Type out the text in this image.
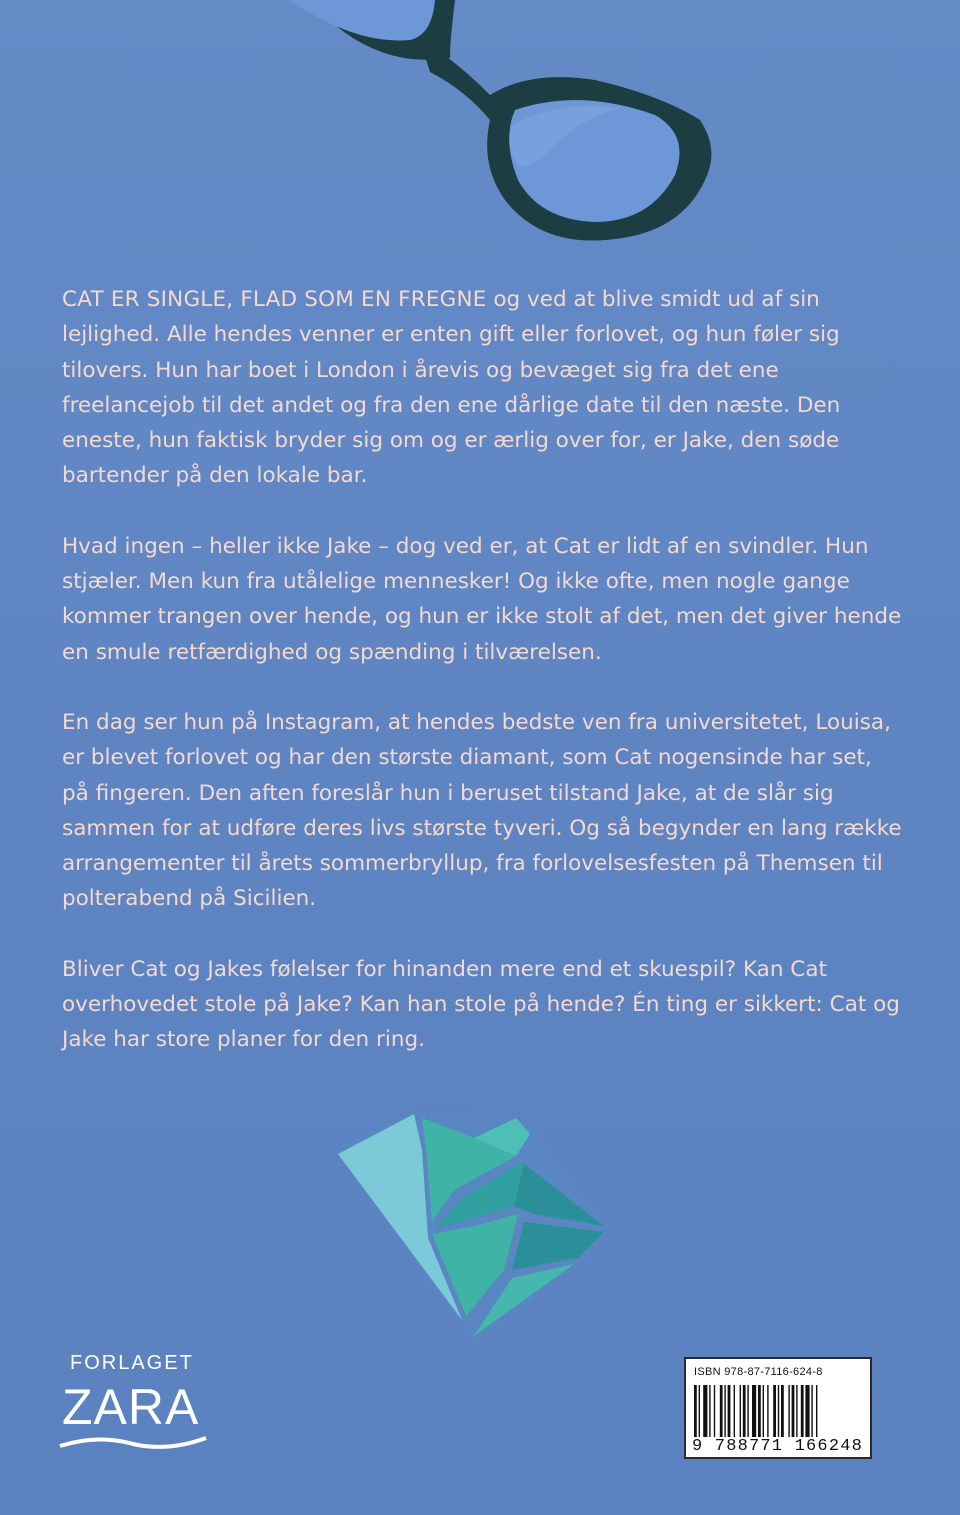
CAT ER SINGLE, FLAD SOM EN FREGNE og ved at blive smidt ud af sin lejlighed. Alle hendes venner er enten gift eller forlovet, og hun føler sig tilovers. Hun har boet i London i årevis og bevæget sig fra det ene freelancejob til det andet og fra den ene dårlige date til den næste. Den eneste, hun faktisk bryder sig om og er ærlig over for, er Jake, den søde bartender på den lokale bar.

Hvad ingen – heller ikke Jake – dog ved er, at Cat er lidt af en svindler. Hun stjæler. Men kun fra utålelige mennesker! Og ikke ofte, men nogle gange kommer trangen over hende, og hun er ikke stolt af det, men det giver hende en smule retfærdighed og spænding i tilværelsen.

En dag ser hun på Instagram, at hendes bedste ven fra universitetet, Louisa, er blevet forlovet og har den største diamant, som Cat nogensinde har set, på fingeren. Den aften foreslår hun i beruset tilstand Jake, at de slår sig sammen for at udføre deres livs største tyveri. Og så begynder en lang række arrangementer til årets sommerbryllup, fra forlovelsesfesten på Themsen til polterabend på Sicilien.

Bliver Cat og Jakes følelser for hinanden mere end et skuespil? Kan Cat overhovedet stole på Jake? Kan han stole på hende? Én ting er sikkert: Cat og Jake har store planer for den ring.

FORLAGET
ZARA
ISBN 978-87-7116-624-8
9 788771 166248
